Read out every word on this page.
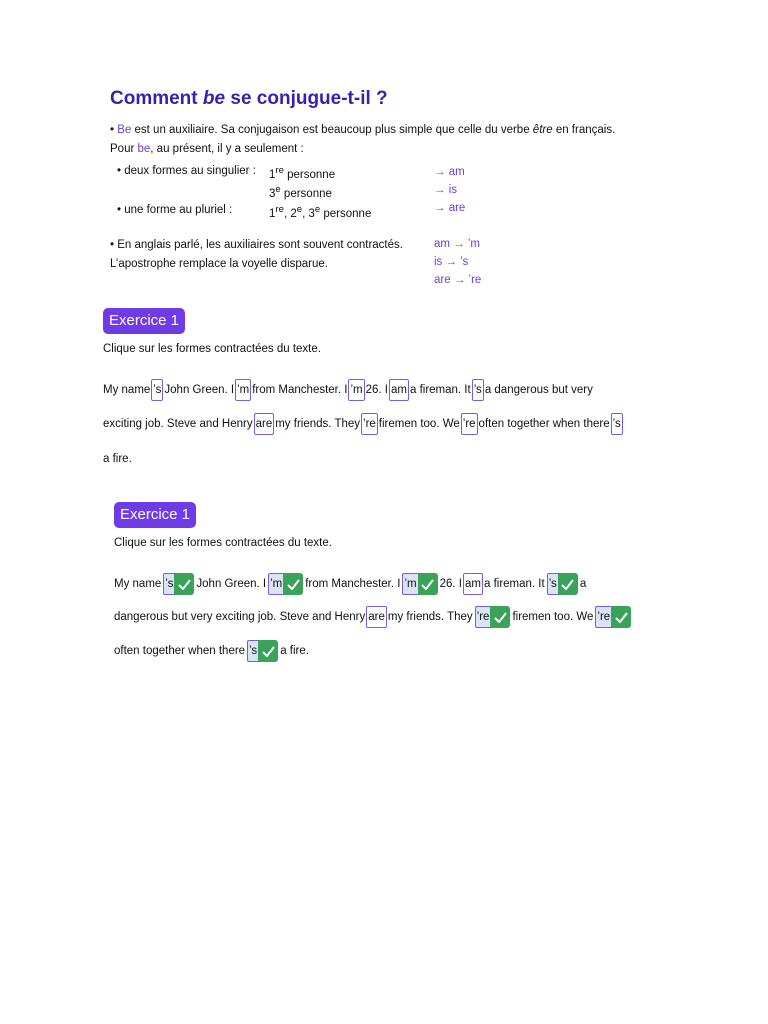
Comment be se conjugue-t-il ?
• Be est un auxiliaire. Sa conjugaison est beaucoup plus simple que celle du verbe être en français.
Pour be, au présent, il y a seulement :
• deux formes au singulier : 1re personne
3e personne
• une forme au pluriel :	1re, 2e, 3e personne
→ am
→ is
→ are
• En anglais parlé, les auxiliaires sont souvent contractés.
L’apostrophe remplace la voyelle disparue.
am → ’m
is → ’s
are → ’re
Exercice 1
Clique sur les formes contractées du texte.
My name ’s John Green. I ’m from Manchester. I ’m 26. I am a fireman. It ’s a dangerous but very
exciting job. Steve and Henry are my friends. They ’re firemen too. We ’re often together when there ’s
a fire.
Exercice 1
Clique sur les formes contractées du texte.
My name ’s John Green. I ’m from Manchester. I ’m 26. I am a fireman. It ’s a
dangerous but very exciting job. Steve and Henry are my friends. They ’re firemen too. We ’re
often together when there ’s a fire.
